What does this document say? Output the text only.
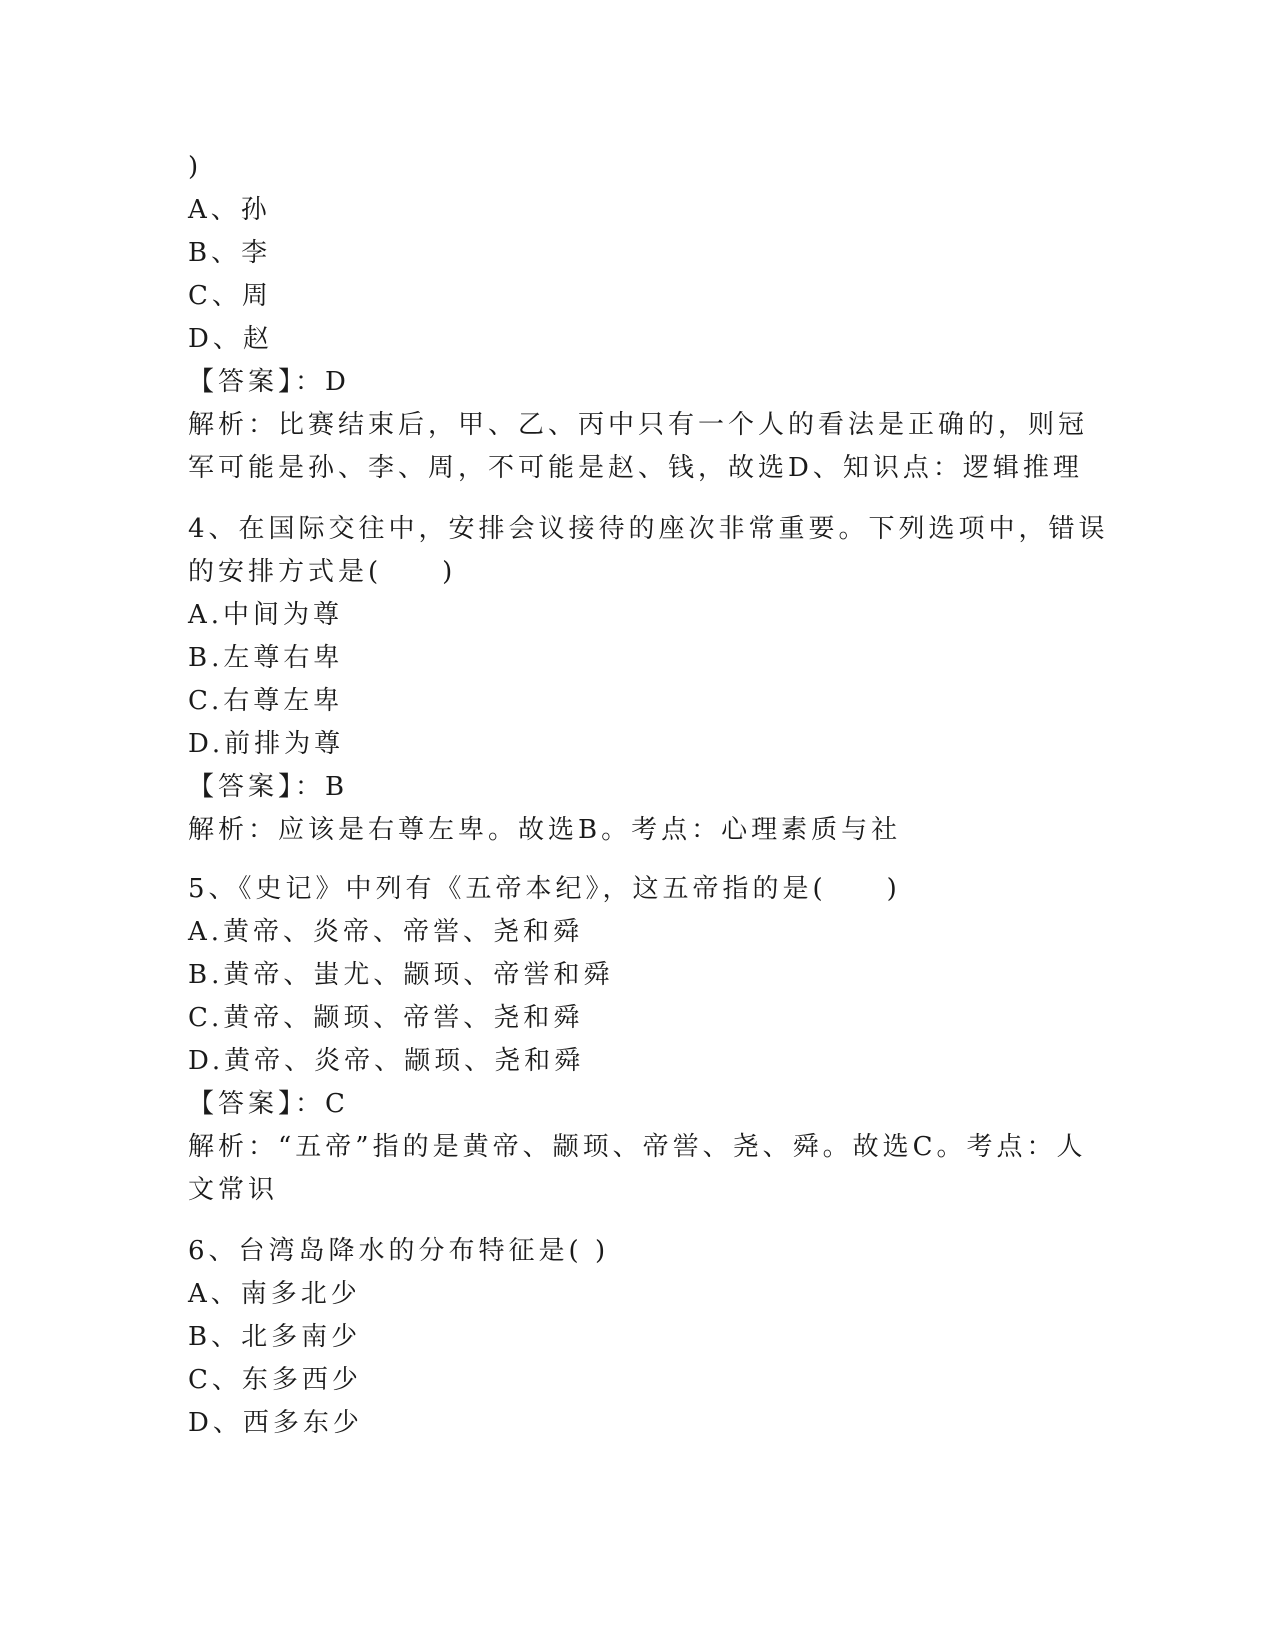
)
A、孙
B、李
C、周
D、赵
【答案】：D
解析：比赛结束后，甲、乙、丙中只有一个人的看法是正确的，则冠
军可能是孙、李、周，不可能是赵、钱，故选D、知识点：逻辑推理
4、在国际交往中，安排会议接待的座次非常重要。下列选项中，错误
的安排方式是(　　)
A.中间为尊
B.左尊右卑
C.右尊左卑
D.前排为尊
【答案】：B
解析：应该是右尊左卑。故选B。考点：心理素质与社
5、《史记》中列有《五帝本纪》，这五帝指的是(　　)
A.黄帝、炎帝、帝喾、尧和舜
B.黄帝、蚩尤、颛顼、帝喾和舜
C.黄帝、颛顼、帝喾、尧和舜
D.黄帝、炎帝、颛顼、尧和舜
【答案】：C
解析：“五帝”指的是黄帝、颛顼、帝喾、尧、舜。故选C。考点：人
文常识
6、台湾岛降水的分布特征是( )
A、南多北少
B、北多南少
C、东多西少
D、西多东少
